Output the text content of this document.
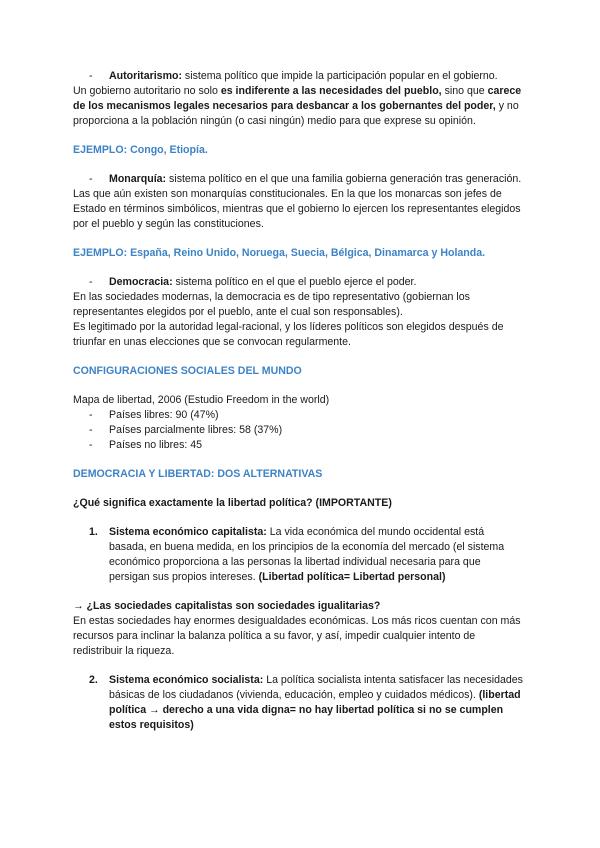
-	Autoritarismo: sistema político que impide la participación popular en el gobierno.

Un gobierno autoritario no solo es indiferente a las necesidades del pueblo, sino que carece de los mecanismos legales necesarios para desbancar a los gobernantes del poder, y no proporciona a la población ningún (o casi ningún) medio para que exprese su opinión.

EJEMPLO: Congo, Etiopía.

-	Monarquía: sistema político en el que una familia gobierna generación tras generación.

Las que aún existen son monarquías constitucionales. En la que los monarcas son jefes de Estado en términos simbólicos, mientras que el gobierno lo ejercen los representantes elegidos por el pueblo y según las constituciones.

EJEMPLO: España, Reino Unido, Noruega, Suecia, Bélgica, Dinamarca y Holanda.

-	Democracia: sistema político en el que el pueblo ejerce el poder.

En las sociedades modernas, la democracia es de tipo representativo (gobiernan los representantes elegidos por el pueblo, ante el cual son responsables).

Es legitimado por la autoridad legal-racional, y los líderes políticos son elegidos después de triunfar en unas elecciones que se convocan regularmente.

CONFIGURACIONES SOCIALES DEL MUNDO

Mapa de libertad, 2006 (Estudio Freedom in the world)

-	Países libres: 90 (47%)
-	Países parcialmente libres: 58 (37%)
-	Países no libres: 45

DEMOCRACIA Y LIBERTAD: DOS ALTERNATIVAS

¿Qué significa exactamente la libertad política? (IMPORTANTE)

1.	Sistema económico capitalista: La vida económica del mundo occidental está basada, en buena medida, en los principios de la economía del mercado (el sistema económico proporciona a las personas la libertad individual necesaria para que persigan sus propios intereses. (Libertad política= Libertad personal)

→ ¿Las sociedades capitalistas son sociedades igualitarias?

En estas sociedades hay enormes desigualdades económicas. Los más ricos cuentan con más recursos para inclinar la balanza política a su favor, y así, impedir cualquier intento de redistribuir la riqueza.

2.	Sistema económico socialista: La política socialista intenta satisfacer las necesidades básicas de los ciudadanos (vivienda, educación, empleo y cuidados médicos). (libertad política → derecho a una vida digna= no hay libertad política si no se cumplen estos requisitos)
